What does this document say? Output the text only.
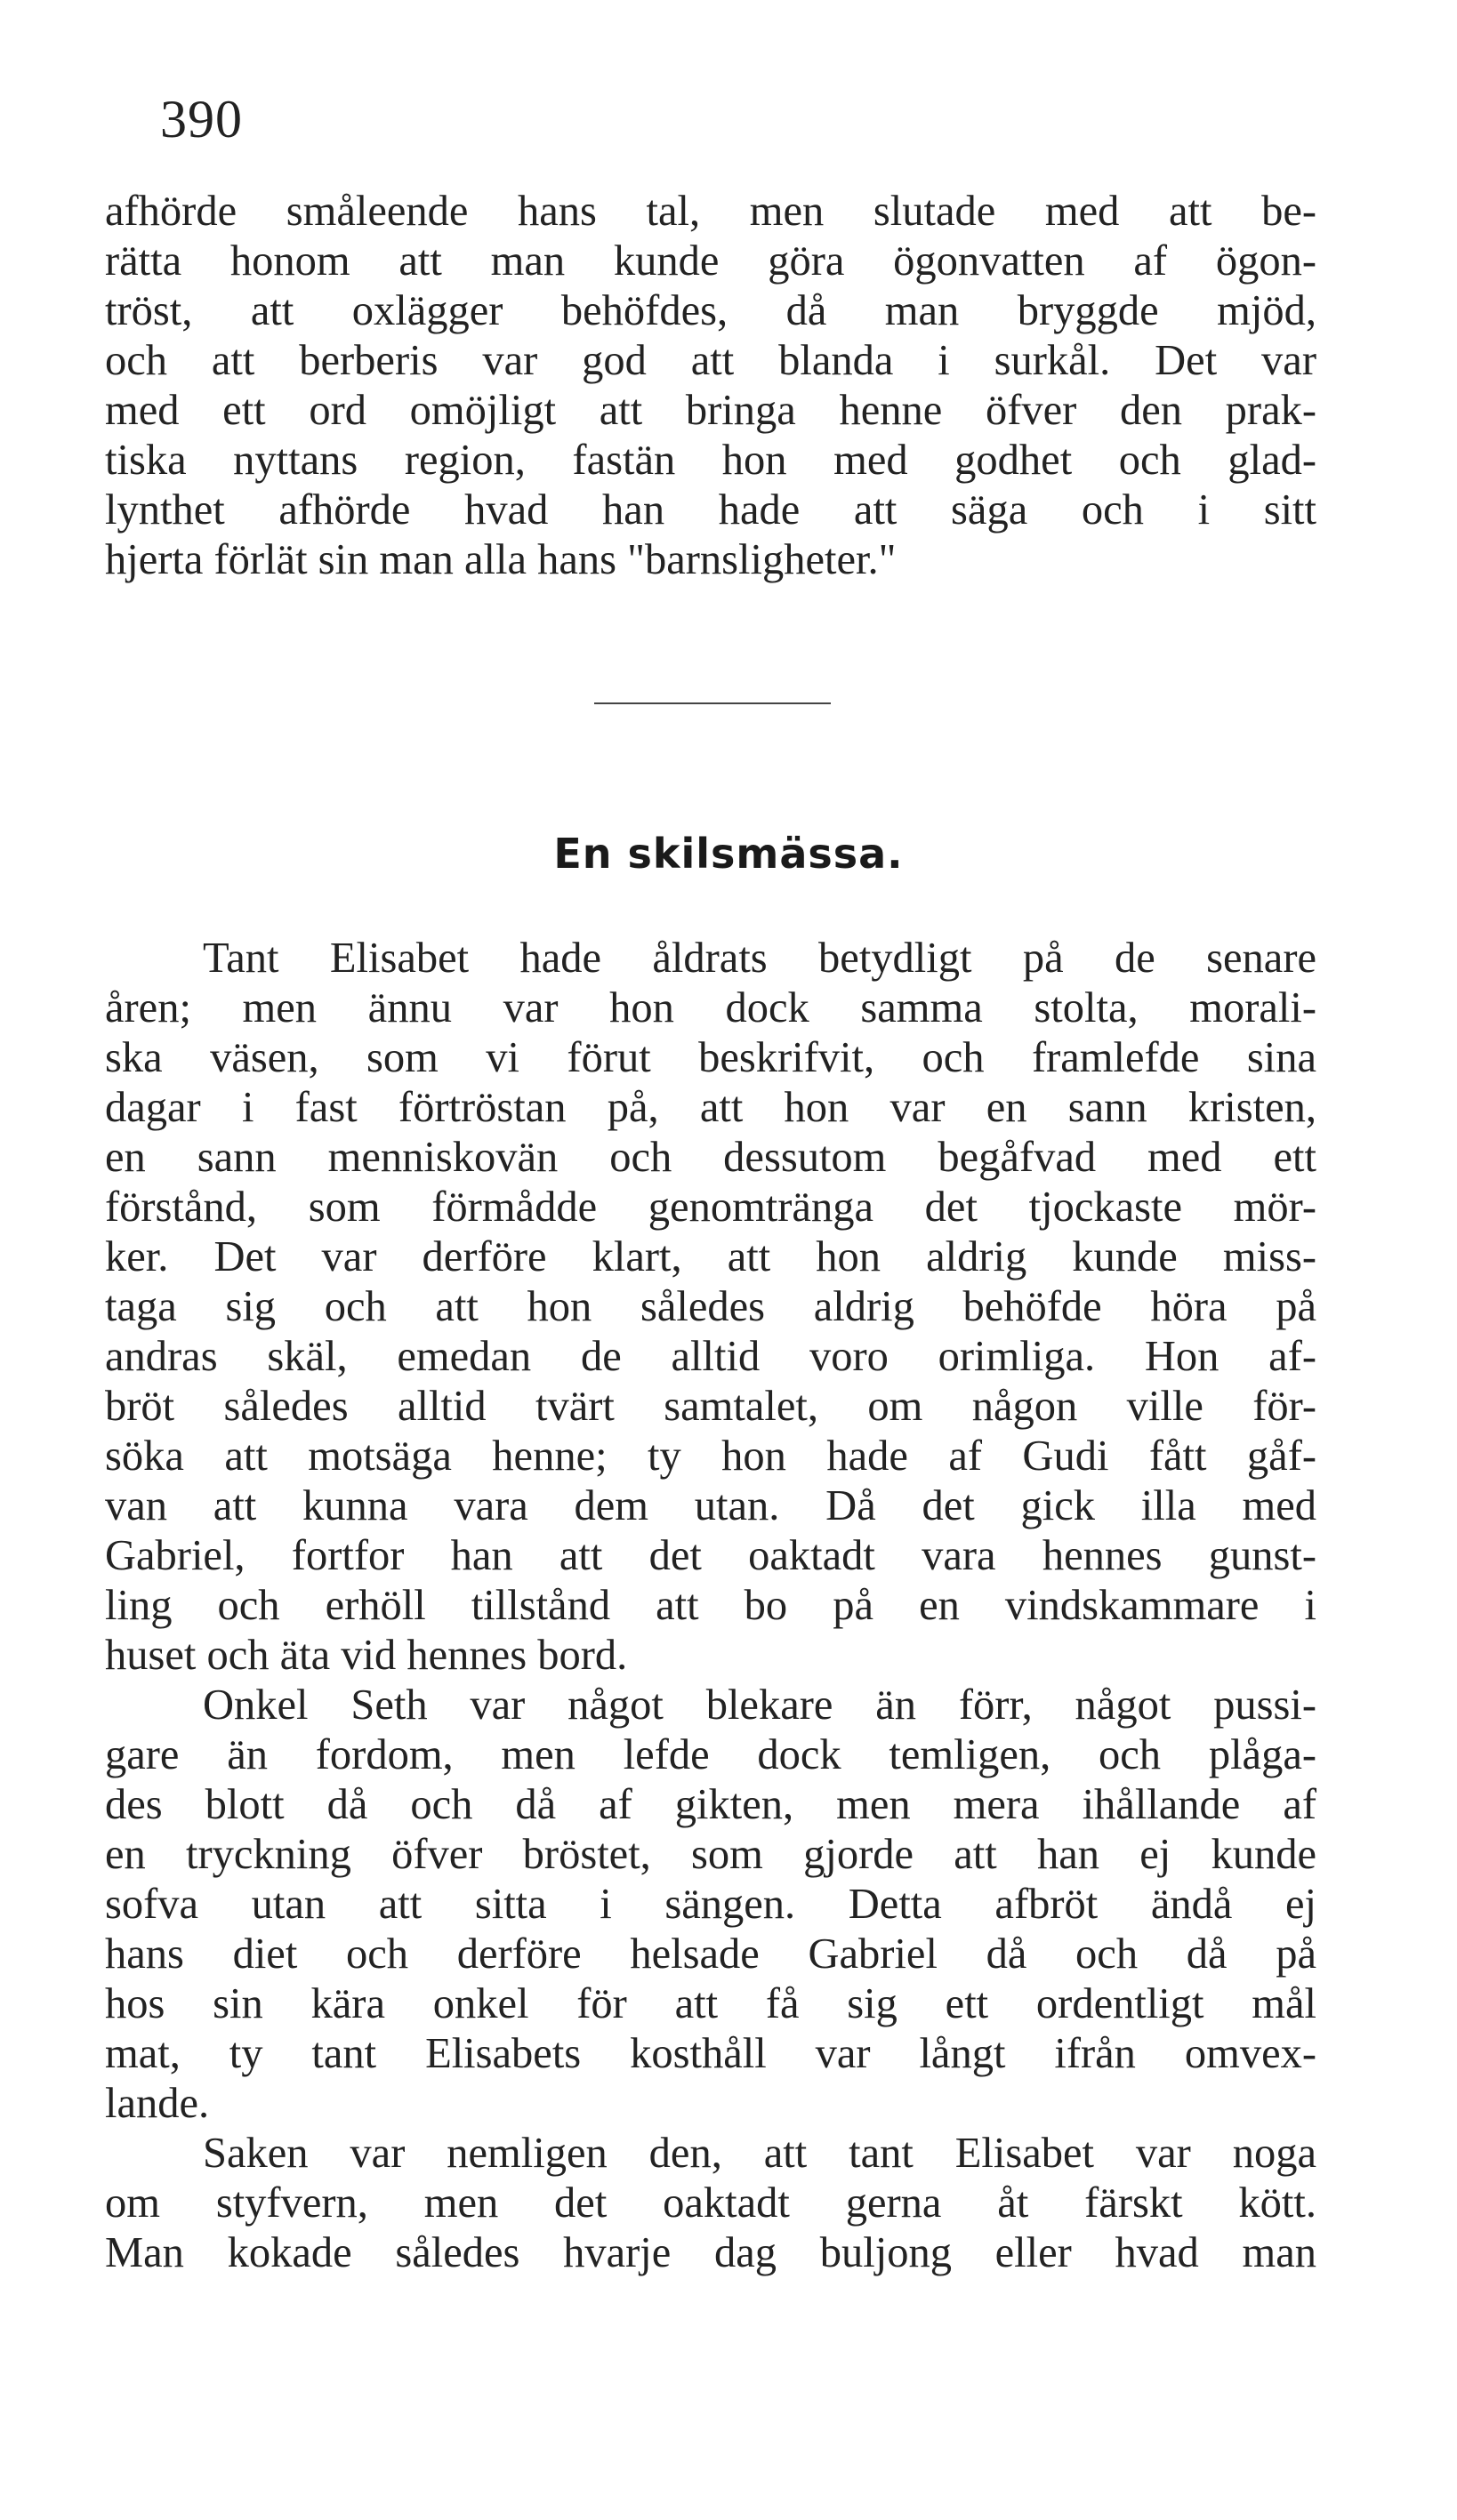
390
afhörde småleende hans tal, men slutade med att be-
rätta honom att man kunde göra ögonvatten af ögon-
tröst, att oxlägger behöfdes, då man bryggde mjöd,
och att berberis var god att blanda i surkål. Det var
med ett ord omöjligt att bringa henne öfver den prak-
tiska nyttans region, fastän hon med godhet och glad-
lynthet afhörde hvad han hade att säga och i sitt
hjerta förlät sin man alla hans "barnsligheter."
En skilsmässa.
Tant Elisabet hade åldrats betydligt på de senare
åren; men ännu var hon dock samma stolta, morali-
ska väsen, som vi förut beskrifvit, och framlefde sina
dagar i fast förtröstan på, att hon var en sann kristen,
en sann menniskovän och dessutom begåfvad med ett
förstånd, som förmådde genomtränga det tjockaste mör-
ker. Det var derföre klart, att hon aldrig kunde miss-
taga sig och att hon således aldrig behöfde höra på
andras skäl, emedan de alltid voro orimliga. Hon af-
bröt således alltid tvärt samtalet, om någon ville för-
söka att motsäga henne; ty hon hade af Gudi fått gåf-
van att kunna vara dem utan. Då det gick illa med
Gabriel, fortfor han att det oaktadt vara hennes gunst-
ling och erhöll tillstånd att bo på en vindskammare i
huset och äta vid hennes bord.
Onkel Seth var något blekare än förr, något pussi-
gare än fordom, men lefde dock temligen, och plåga-
des blott då och då af gikten, men mera ihållande af
en tryckning öfver bröstet, som gjorde att han ej kunde
sofva utan att sitta i sängen. Detta afbröt ändå ej
hans diet och derföre helsade Gabriel då och då på
hos sin kära onkel för att få sig ett ordentligt mål
mat, ty tant Elisabets kosthåll var långt ifrån omvex-
lande.
Saken var nemligen den, att tant Elisabet var noga
om styfvern, men det oaktadt gerna åt färskt kött.
Man kokade således hvarje dag buljong eller hvad man
